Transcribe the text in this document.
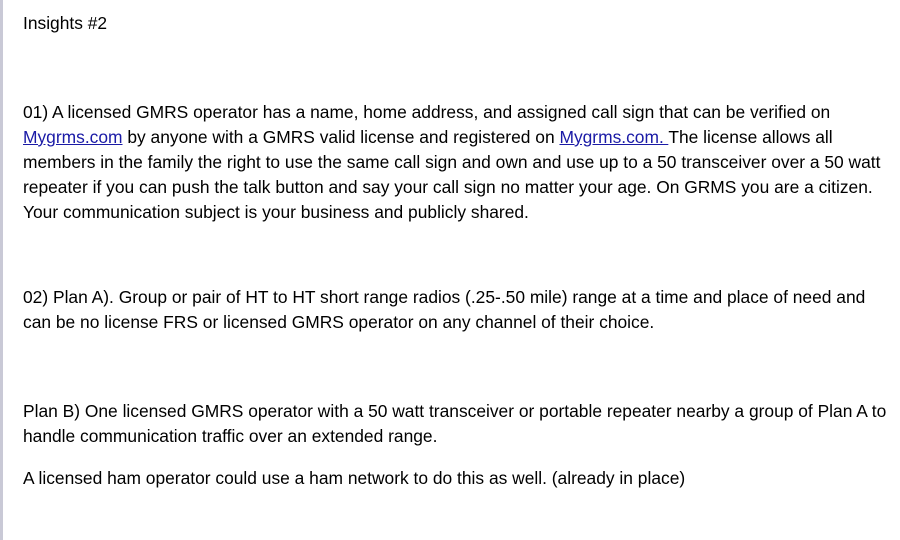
Insights #2

01) A licensed GMRS operator has a name, home address, and assigned call sign that can be verified on Mygrms.com by anyone with a GMRS valid license and registered on Mygrms.com. The license allows all members in the family the right to use the same call sign and own and use up to a 50 transceiver over a 50 watt repeater if you can push the talk button and say your call sign no matter your age. On GRMS you are a citizen. Your communication subject is your business and publicly shared.

02) Plan A). Group or pair of HT to HT short range radios (.25-.50 mile) range at a time and place of need and can be no license FRS or licensed GMRS operator on any channel of their choice.

Plan B) One licensed GMRS operator with a 50 watt transceiver or portable repeater nearby a group of Plan A to handle communication traffic over an extended range.

A licensed ham operator could use a ham network to do this as well. (already in place)
